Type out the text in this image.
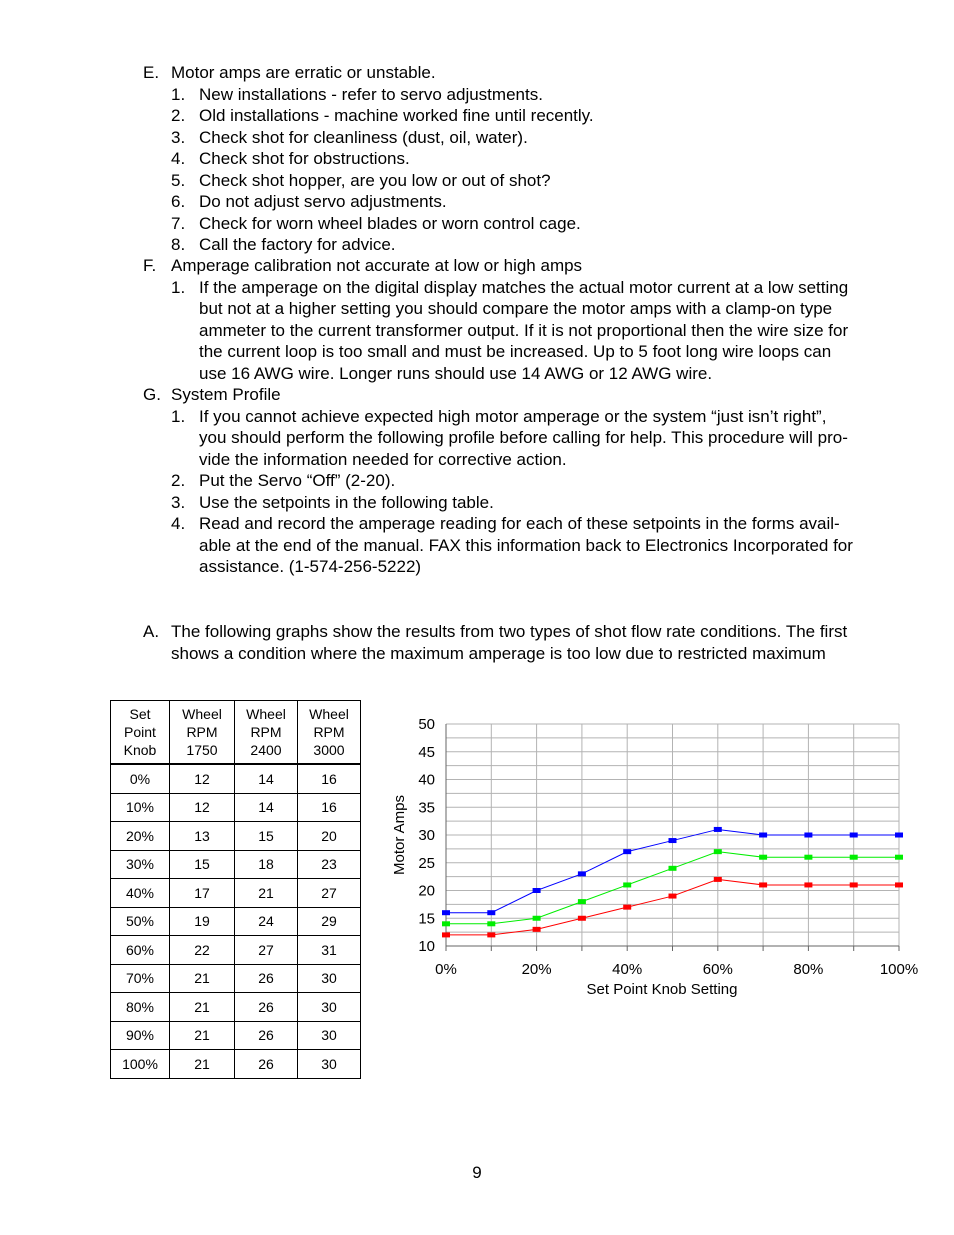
E. Motor amps are erratic or unstable.
1. New installations - refer to servo adjustments.
2. Old installations - machine worked fine until recently.
3. Check shot for cleanliness (dust, oil, water).
4. Check shot for obstructions.
5. Check shot hopper, are you low or out of shot?
6. Do not adjust servo adjustments.
7. Check for worn wheel blades or worn control cage.
8. Call the factory for advice.
F. Amperage calibration not accurate at low or high amps
1. If the amperage on the digital display matches the actual motor current at a low setting
but not at a higher setting you should compare the motor amps with a clamp-on type
ammeter to the current transformer output. If it is not proportional then the wire size for
the current loop is too small and must be increased. Up to 5 foot long wire loops can
use 16 AWG wire. Longer runs should use 14 AWG or 12 AWG wire.
G. System Profile
1. If you cannot achieve expected high motor amperage or the system “just isn’t right”,
you should perform the following profile before calling for help. This procedure will pro-
vide the information needed for corrective action.
2. Put the Servo “Off” (2-20).
3. Use the setpoints in the following table.
4. Read and record the amperage reading for each of these setpoints in the forms avail-
able at the end of the manual. FAX this information back to Electronics Incorporated for
assistance. (1-574-256-5222)
A. The following graphs show the results from two types of shot flow rate conditions. The first
shows a condition where the maximum amperage is too low due to restricted maximum
Set
Point
Knob	Wheel
RPM
1750	Wheel
RPM
2400	Wheel
RPM
3000

0%	12	14	16
10%	12	14	16
20%	13	15	20
30%	15	18	23
40%	17	21	27
50%	19	24	29
60%	22	27	31
70%	21	26	30
80%	21	26	30
90%	21	26	30
100%	21	26	30
10
15
20
25
30
35
40
45
50
0%	20%	40%	60%	80%	100%
Set Point Knob Setting
Motor Amps
9
